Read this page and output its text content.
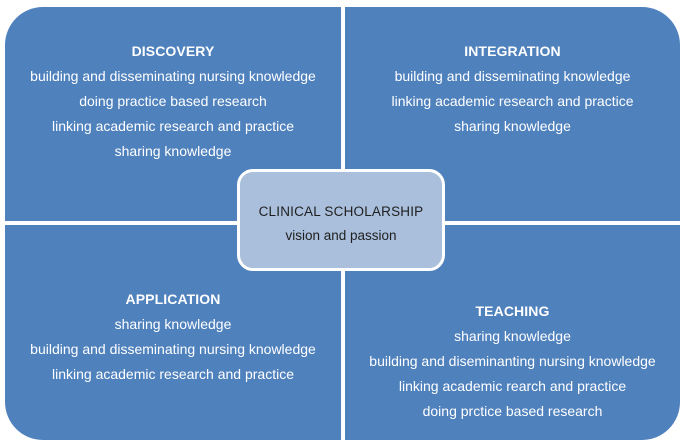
DISCOVERY
building and disseminating nursing knowledge
doing practice based research
linking academic research and practice
sharing knowledge
INTEGRATION
building and disseminating knowledge
linking academic research and practice
sharing knowledge
APPLICATION
sharing knowledge
building and disseminating nursing knowledge
linking academic research and practice
TEACHING
sharing knowledge
building and diseminanting nursing knowledge
linking academic rearch and practice
doing prctice based research
CLINICAL SCHOLARSHIP
vision and passion
